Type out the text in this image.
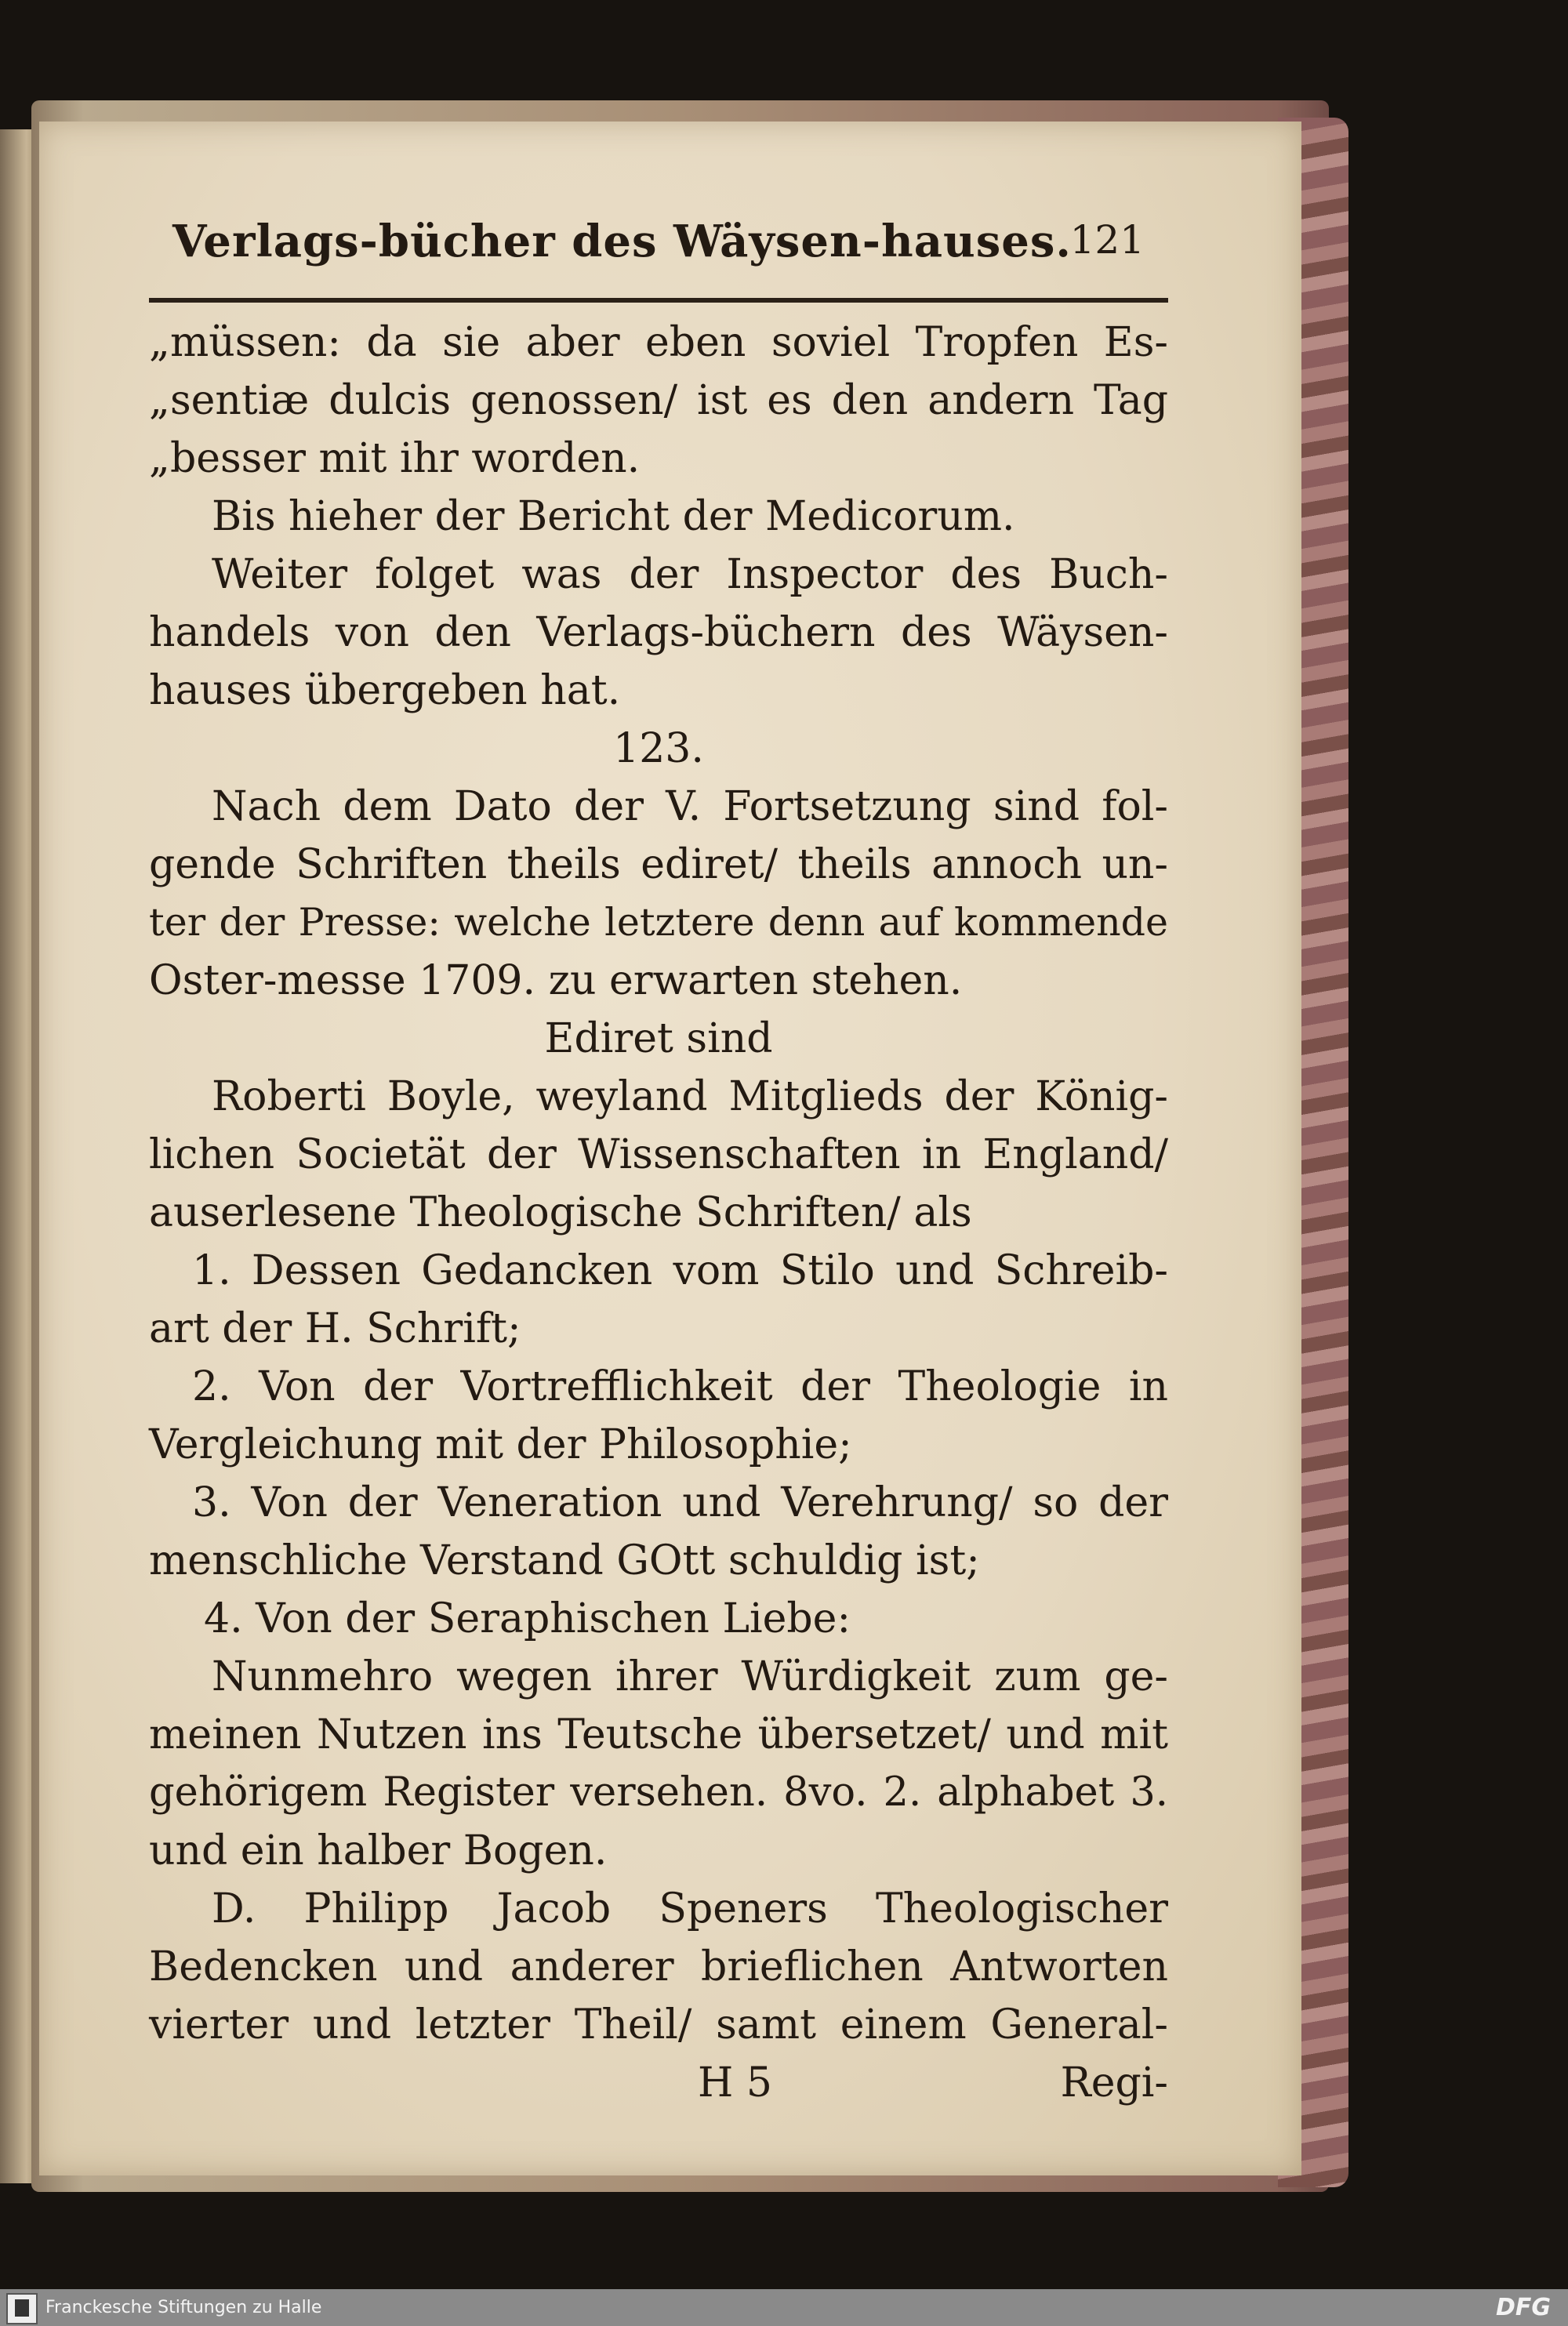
Verlags-bücher des Wäysen-hauses.
121
„müssen: da sie aber eben soviel Tropfen Es-
„sentiæ dulcis genossen/ ist es den andern Tag
„besser mit ihr worden.
Bis hieher der Bericht der Medicorum.
Weiter folget was der Inspector des Buch-
handels von den Verlags-büchern des Wäysen-
hauses übergeben hat.
123.
Nach dem Dato der V. Fortsetzung sind fol-
gende Schriften theils ediret/ theils annoch un-
ter der Presse: welche letztere denn auf kommende
Oster-messe 1709. zu erwarten stehen.
Ediret sind
Roberti Boyle, weyland Mitglieds der König-
lichen Societät der Wissenschaften in England/
auserlesene Theologische Schriften/ als
1. Dessen Gedancken vom Stilo und Schreib-
art der H. Schrift;
2. Von der Vortrefflichkeit der Theologie in
Vergleichung mit der Philosophie;
3. Von der Veneration und Verehrung/ so der
menschliche Verstand GOtt schuldig ist;
4. Von der Seraphischen Liebe:
Nunmehro wegen ihrer Würdigkeit zum ge-
meinen Nutzen ins Teutsche übersetzet/ und mit
gehörigem Register versehen. 8vo. 2. alphabet 3.
und ein halber Bogen.
D. Philipp Jacob Speners Theologischer
Bedencken und anderer brieflichen Antworten
vierter und letzter Theil/ samt einem General-
H 5	Regi-
Franckesche Stiftungen zu Halle	DFG
